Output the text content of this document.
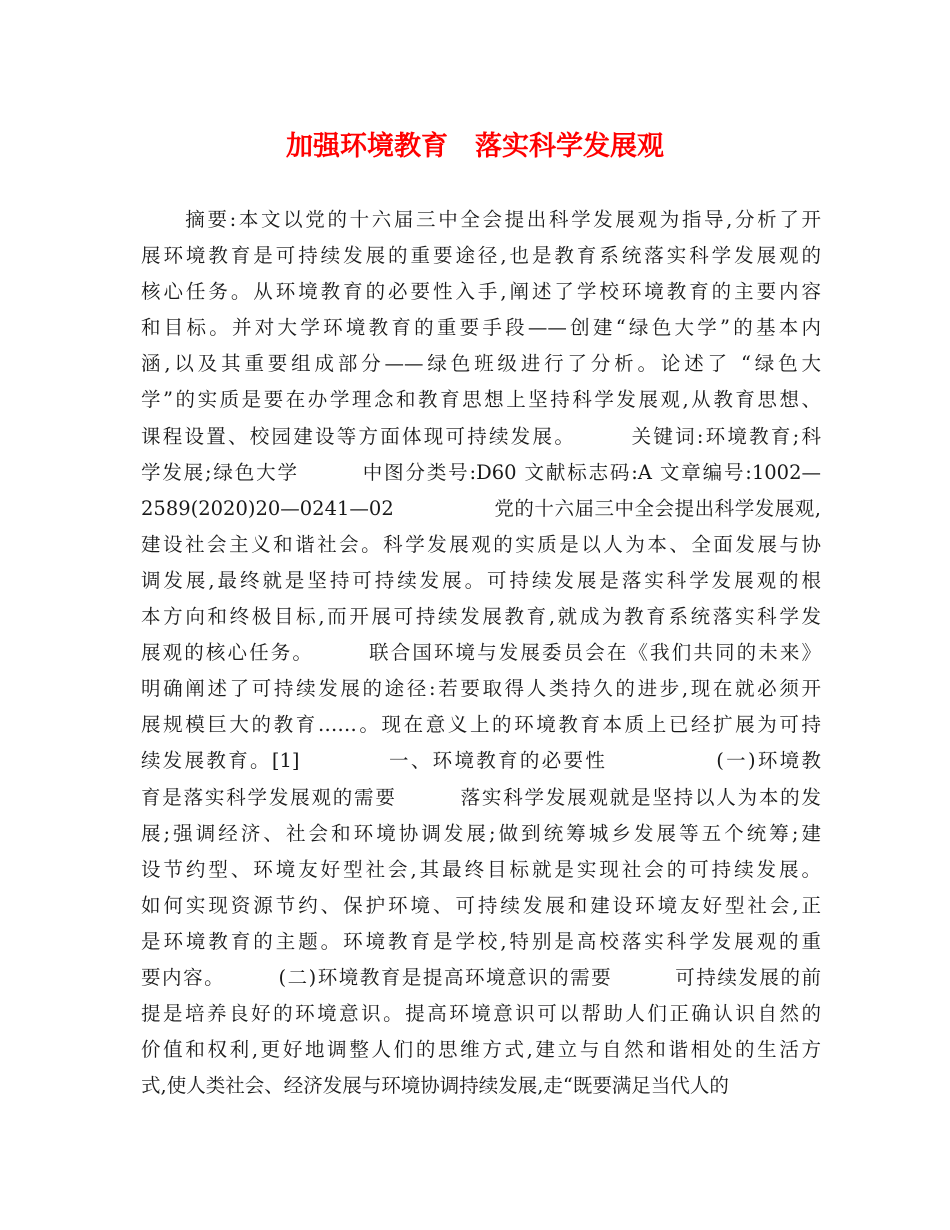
加强环境教育　落实科学发展观
　　摘要:本文以党的十六届三中全会提出科学发展观为指导,分析了开
展环境教育是可持续发展的重要途径,也是教育系统落实科学发展观的
核心任务。从环境教育的必要性入手,阐述了学校环境教育的主要内容
和目标。并对大学环境教育的重要手段——创建“绿色大学”的基本内
涵,以及其重要组成部分——绿色班级进行了分析。论述了 “绿色大
学”的实质是要在办学理念和教育思想上坚持科学发展观,从教育思想、
课程设置、校园建设等方面体现可持续发展。　　　关键词:环境教育;科
学发展;绿色大学　　　中图分类号:D60 文献标志码:A 文章编号:1002—
2589(2020)20—0241—02　　　　　党的十六届三中全会提出科学发展观,
建设社会主义和谐社会。科学发展观的实质是以人为本、全面发展与协
调发展,最终就是坚持可持续发展。可持续发展是落实科学发展观的根
本方向和终极目标,而开展可持续发展教育,就成为教育系统落实科学发
展观的核心任务。　　　联合国环境与发展委员会在《我们共同的未来》
明确阐述了可持续发展的途径:若要取得人类持久的进步,现在就必须开
展规模巨大的教育……。现在意义上的环境教育本质上已经扩展为可持
续发展教育。[1]　　　　一、环境教育的必要性　　　　　(一)环境教
育是落实科学发展观的需要　　　落实科学发展观就是坚持以人为本的发
展;强调经济、社会和环境协调发展;做到统筹城乡发展等五个统筹;建
设节约型、环境友好型社会,其最终目标就是实现社会的可持续发展。
如何实现资源节约、保护环境、可持续发展和建设环境友好型社会,正
是环境教育的主题。环境教育是学校,特别是高校落实科学发展观的重
要内容。　　　(二)环境教育是提高环境意识的需要　　　可持续发展的前
提是培养良好的环境意识。提高环境意识可以帮助人们正确认识自然的
价值和权利,更好地调整人们的思维方式,建立与自然和谐相处的生活方
式,使人类社会、经济发展与环境协调持续发展,走“既要满足当代人的
